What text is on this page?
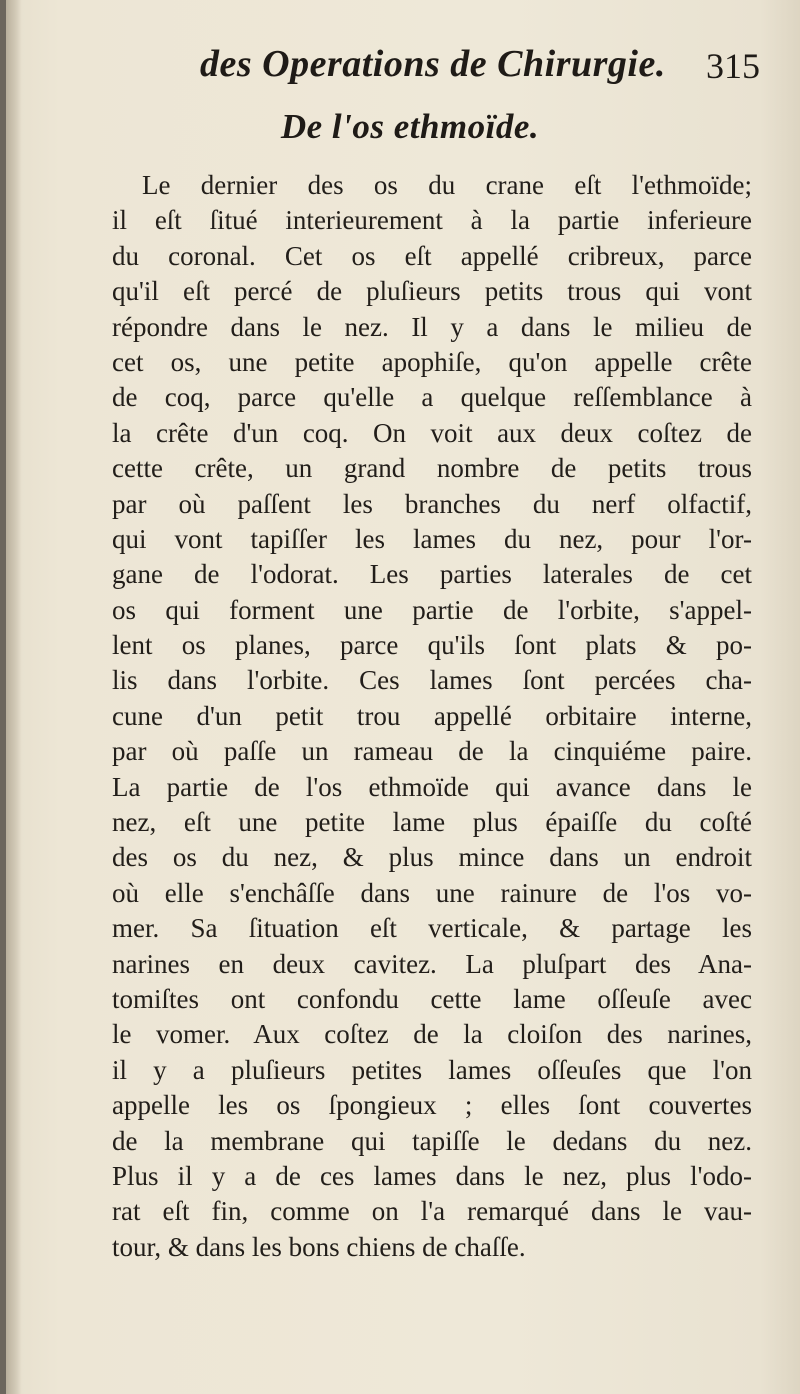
des Operations de Chirurgie. 315
De l'os ethmoïde.
Le dernier des os du crane eſt l'ethmoïde;
il eſt ſitué interieurement à la partie inferieure
du coronal. Cet os eſt appellé cribreux, parce
qu'il eſt percé de pluſieurs petits trous qui vont
répondre dans le nez. Il y a dans le milieu de
cet os, une petite apophiſe, qu'on appelle crête
de coq, parce qu'elle a quelque reſſemblance à
la crête d'un coq. On voit aux deux coſtez de
cette crête, un grand nombre de petits trous
par où paſſent les branches du nerf olfactif,
qui vont tapiſſer les lames du nez, pour l'or-
gane de l'odorat. Les parties laterales de cet
os qui forment une partie de l'orbite, s'appel-
lent os planes, parce qu'ils ſont plats & po-
lis dans l'orbite. Ces lames ſont percées cha-
cune d'un petit trou appellé orbitaire interne,
par où paſſe un rameau de la cinquiéme paire.
La partie de l'os ethmoïde qui avance dans le
nez, eſt une petite lame plus épaiſſe du coſté
des os du nez, & plus mince dans un endroit
où elle s'enchâſſe dans une rainure de l'os vo-
mer. Sa ſituation eſt verticale, & partage les
narines en deux cavitez. La pluſpart des Ana-
tomiſtes ont confondu cette lame oſſeuſe avec
le vomer. Aux coſtez de la cloiſon des narines,
il y a pluſieurs petites lames oſſeuſes que l'on
appelle les os ſpongieux ; elles ſont couvertes
de la membrane qui tapiſſe le dedans du nez.
Plus il y a de ces lames dans le nez, plus l'odo-
rat eſt fin, comme on l'a remarqué dans le vau-
tour, & dans les bons chiens de chaſſe.
